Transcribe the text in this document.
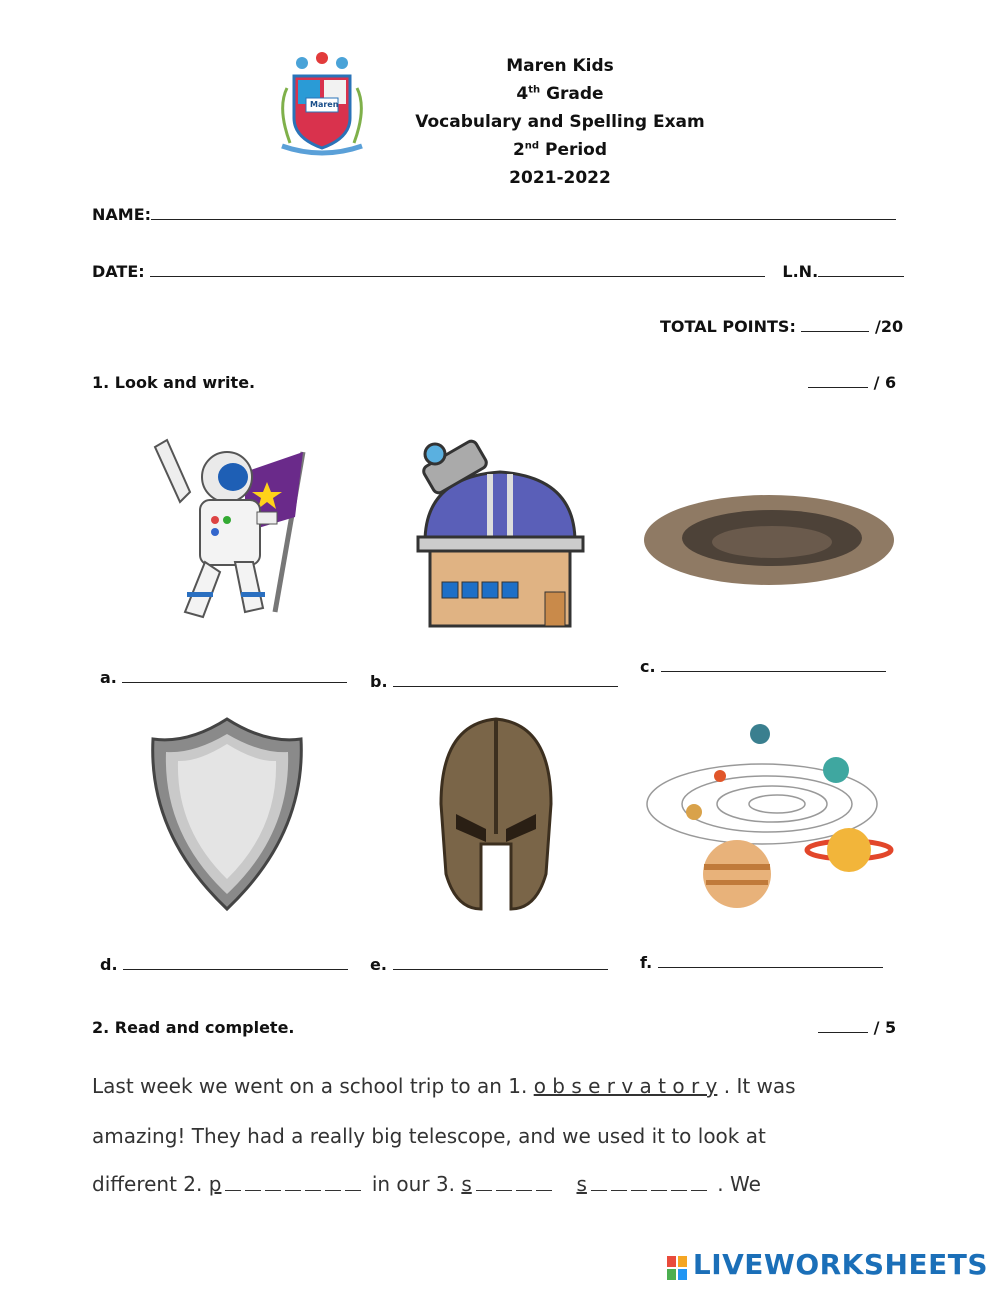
Maren
Maren Kids
4th Grade
Vocabulary and Spelling Exam
2nd Period
2021-2022
NAME:
DATE:	L.N.
TOTAL POINTS:	/20
1. Look and write.	/ 6
a.	b.
c.
d.	e.	f.
2. Read and complete.	/ 5
Last week we went on a school trip to an 1. o b s e r v a t o r y . It was
amazing! They had a really big telescope, and we used it to look at
different 2. p	in our 3. s	s	. We
LIVEWORKSHEETS
